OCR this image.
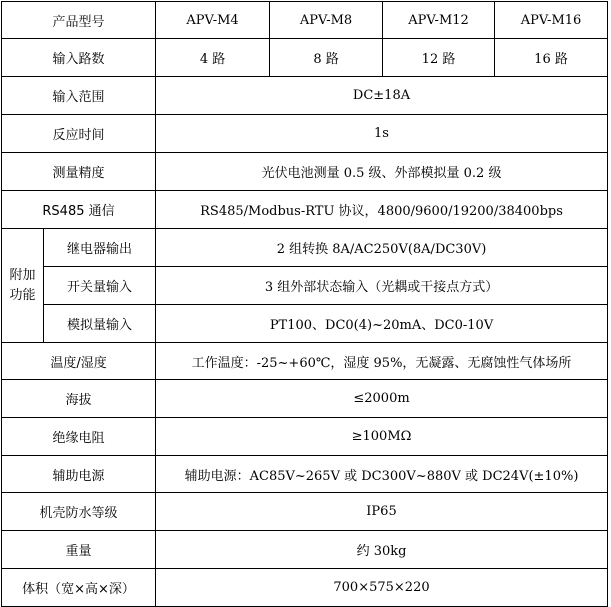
产品型号		APV-M4	APV-M8	APV-M12	APV-M16
输入路数		4 路	8 路	12 路	16 路
输入范围		DC±18A			
反应时间		1s			
测量精度		光伏电池测量 0.5 级、外部模拟量 0.2 级			
RS485 通信		RS485/Modbus-RTU 协议，4800/9600/19200/38400bps			
附加功能	继电器输出	2 组转换 8A/AC250V(8A/DC30V)			
	开关量输入	3 组外部状态输入（光耦或干接点方式）			
	模拟量输入	PT100、DC0(4)~20mA、DC0-10V			
温度/湿度		工作温度：-25~+60℃，湿度 95%，无凝露、无腐蚀性气体场所			
海拔		≤2000m			
绝缘电阻		≥100MΩ			
辅助电源		辅助电源：AC85V~265V 或 DC300V~880V 或 DC24V(±10%)			
机壳防水等级		IP65			
重量		约 30kg			
体积（宽×高×深）		700×575×220			
